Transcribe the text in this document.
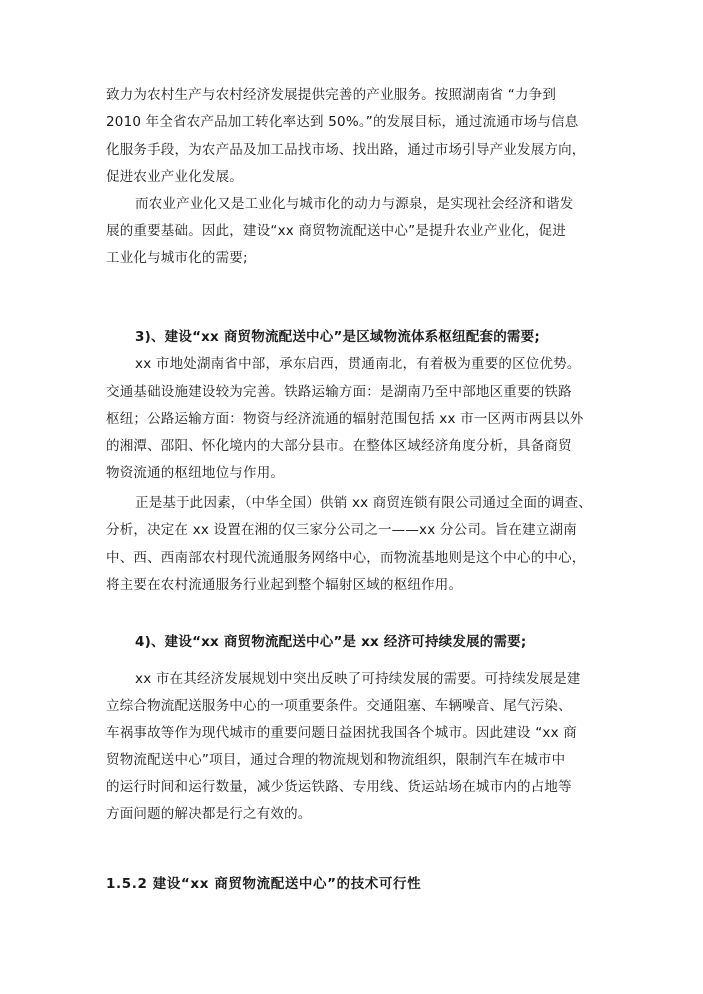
致力为农村生产与农村经济发展提供完善的产业服务。按照湖南省 “力争到
2010 年全省农产品加工转化率达到 50%。”的发展目标，通过流通市场与信息
化服务手段，为农产品及加工品找市场、找出路，通过市场引导产业发展方向，
促进农业产业化发展。
而农业产业化又是工业化与城市化的动力与源泉，是实现社会经济和谐发
展的重要基础。因此，建设“xx 商贸物流配送中心”是提升农业产业化，促进
工业化与城市化的需要;
3)、建设“xx 商贸物流配送中心”是区域物流体系枢纽配套的需要;
xx 市地处湖南省中部，承东启西，贯通南北，有着极为重要的区位优势。
交通基础设施建设较为完善。铁路运输方面：是湖南乃至中部地区重要的铁路
枢纽；公路运输方面：物资与经济流通的辐射范围包括 xx 市一区两市两县以外
的湘潭、邵阳、怀化境内的大部分县市。在整体区域经济角度分析，具备商贸
物资流通的枢纽地位与作用。
正是基于此因素，（中华全国）供销 xx 商贸连锁有限公司通过全面的调查、
分析，决定在 xx 设置在湘的仅三家分公司之一——xx 分公司。旨在建立湖南
中、西、西南部农村现代流通服务网络中心，而物流基地则是这个中心的中心，
将主要在农村流通服务行业起到整个辐射区域的枢纽作用。
4)、建设“xx 商贸物流配送中心”是 xx 经济可持续发展的需要;
xx 市在其经济发展规划中突出反映了可持续发展的需要。可持续发展是建
立综合物流配送服务中心的一项重要条件。交通阻塞、车辆噪音、尾气污染、
车祸事故等作为现代城市的重要问题日益困扰我国各个城市。因此建设 “xx 商
贸物流配送中心”项目，通过合理的物流规划和物流组织，限制汽车在城市中
的运行时间和运行数量，减少货运铁路、专用线、货运站场在城市内的占地等
方面问题的解决都是行之有效的。
1.5.2 建设“xx 商贸物流配送中心”的技术可行性
